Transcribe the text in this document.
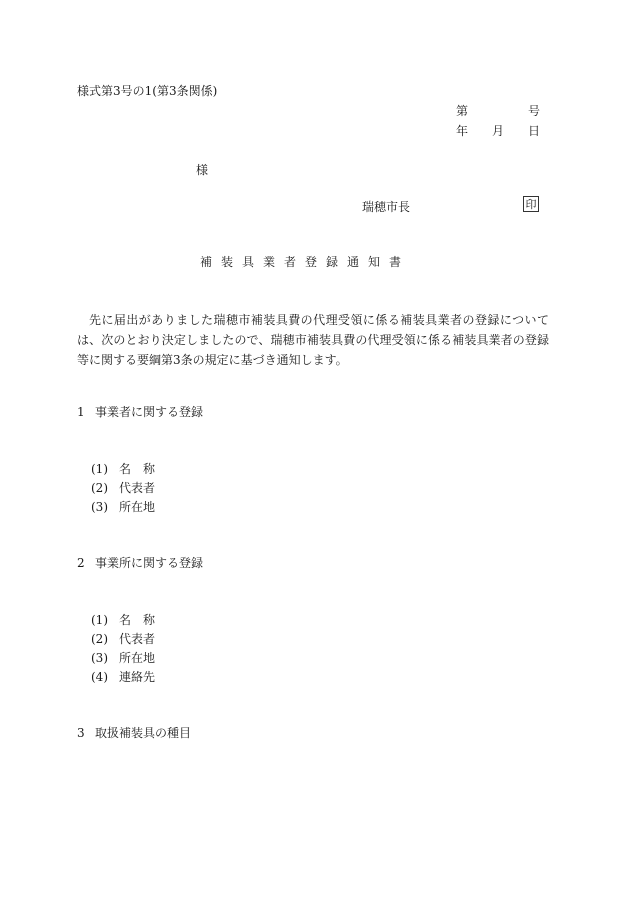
様式第3号の1(第3条関係)
第	号
年 月 日
様
瑞穂市長	印
補装具業者登録通知書
先に届出がありました瑞穂市補装具費の代理受領に係る補装具業者の登録については、次のとおり決定しましたので、瑞穂市補装具費の代理受領に係る補装具業者の登録等に関する要綱第3条の規定に基づき通知します。
1 事業者に関する登録
(1) 名　称
(2) 代表者
(3) 所在地
2 事業所に関する登録
(1) 名　称
(2) 代表者
(3) 所在地
(4) 連絡先
3 取扱補装具の種目
